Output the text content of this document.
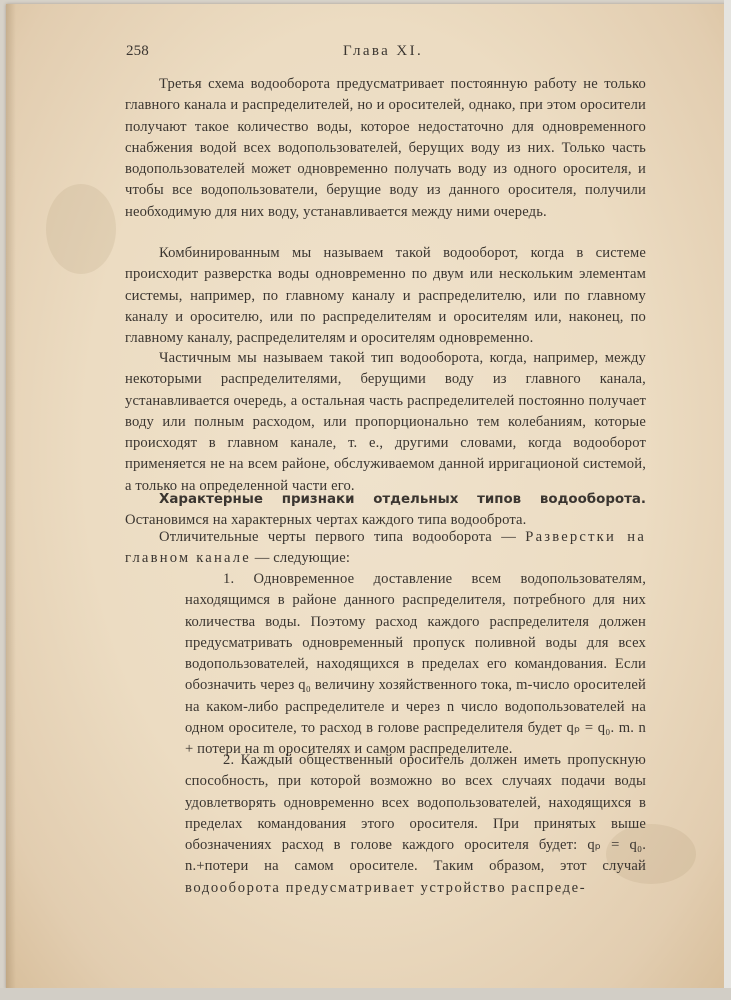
258	Глава XI.

Третья схема водооборота предусматривает постоянную работу не только главного канала и распределителей, но и оросителей, однако, при этом оросители получают такое количество воды, которое недостаточно для одновременного снабжения водой всех водопользователей, берущих воду из них. Только часть водопользователей может одновременно получать воду из одного оросителя, и чтобы все водопользователи, берущие воду из данного оросителя, получили необходимую для них воду, устанавливается между ними очередь.

Комбинированным мы называем такой водооборот, когда в системе происходит разверстка воды одновременно по двум или нескольким элементам системы, например, по главному каналу и распределителю, или по главному каналу и оросителю, или по распределителям и оросителям или, наконец, по главному каналу, распределителям и оросителям одновременно.

Частичным мы называем такой тип водооборота, когда, например, между некоторыми распределителями, берущими воду из главного канала, устанавливается очередь, а остальная часть распределителей постоянно получает воду или полным расходом, или пропорционально тем колебаниям, которые происходят в главном канале, т. е., другими словами, когда водооборот применяется не на всем районе, обслуживаемом данной ирригационой системой, а только на определенной части его.

Характерные признаки отдельных типов водооборота. Остановимся на характерных чертах каждого типа водооброта.

Отличительные черты первого типа водооборота — Разверстки на главном канале — следующие:

1. Одновременное доставление всем водопользователям, находящимся в районе данного распределителя, потребного для них количества воды. Поэтому расход каждого распределителя должен предусматривать одновременный пропуск поливной воды для всех водопользователей, находящихся в пределах его командования. Если обозначить через q₀ величину хозяйственного тока, m-число оросителей на каком-либо распределителе и через n число водопользователей на одном оросителе, то расход в голове распределителя будет qₚ = q₀. m. n + потери на m оросителях и самом распределителе.

2. Каждый общественный ороситель должен иметь пропускную способность, при которой возможно во всех случаях подачи воды удовлетворять одновременно всех водопользователей, находящихся в пределах командования этого оросителя. При принятых выше обозначениях расход в голове каждого оросителя будет: qₚ = q₀. n.+потери на самом оросителе. Таким образом, этот случай водооборота предусматривает устройство распреде-
